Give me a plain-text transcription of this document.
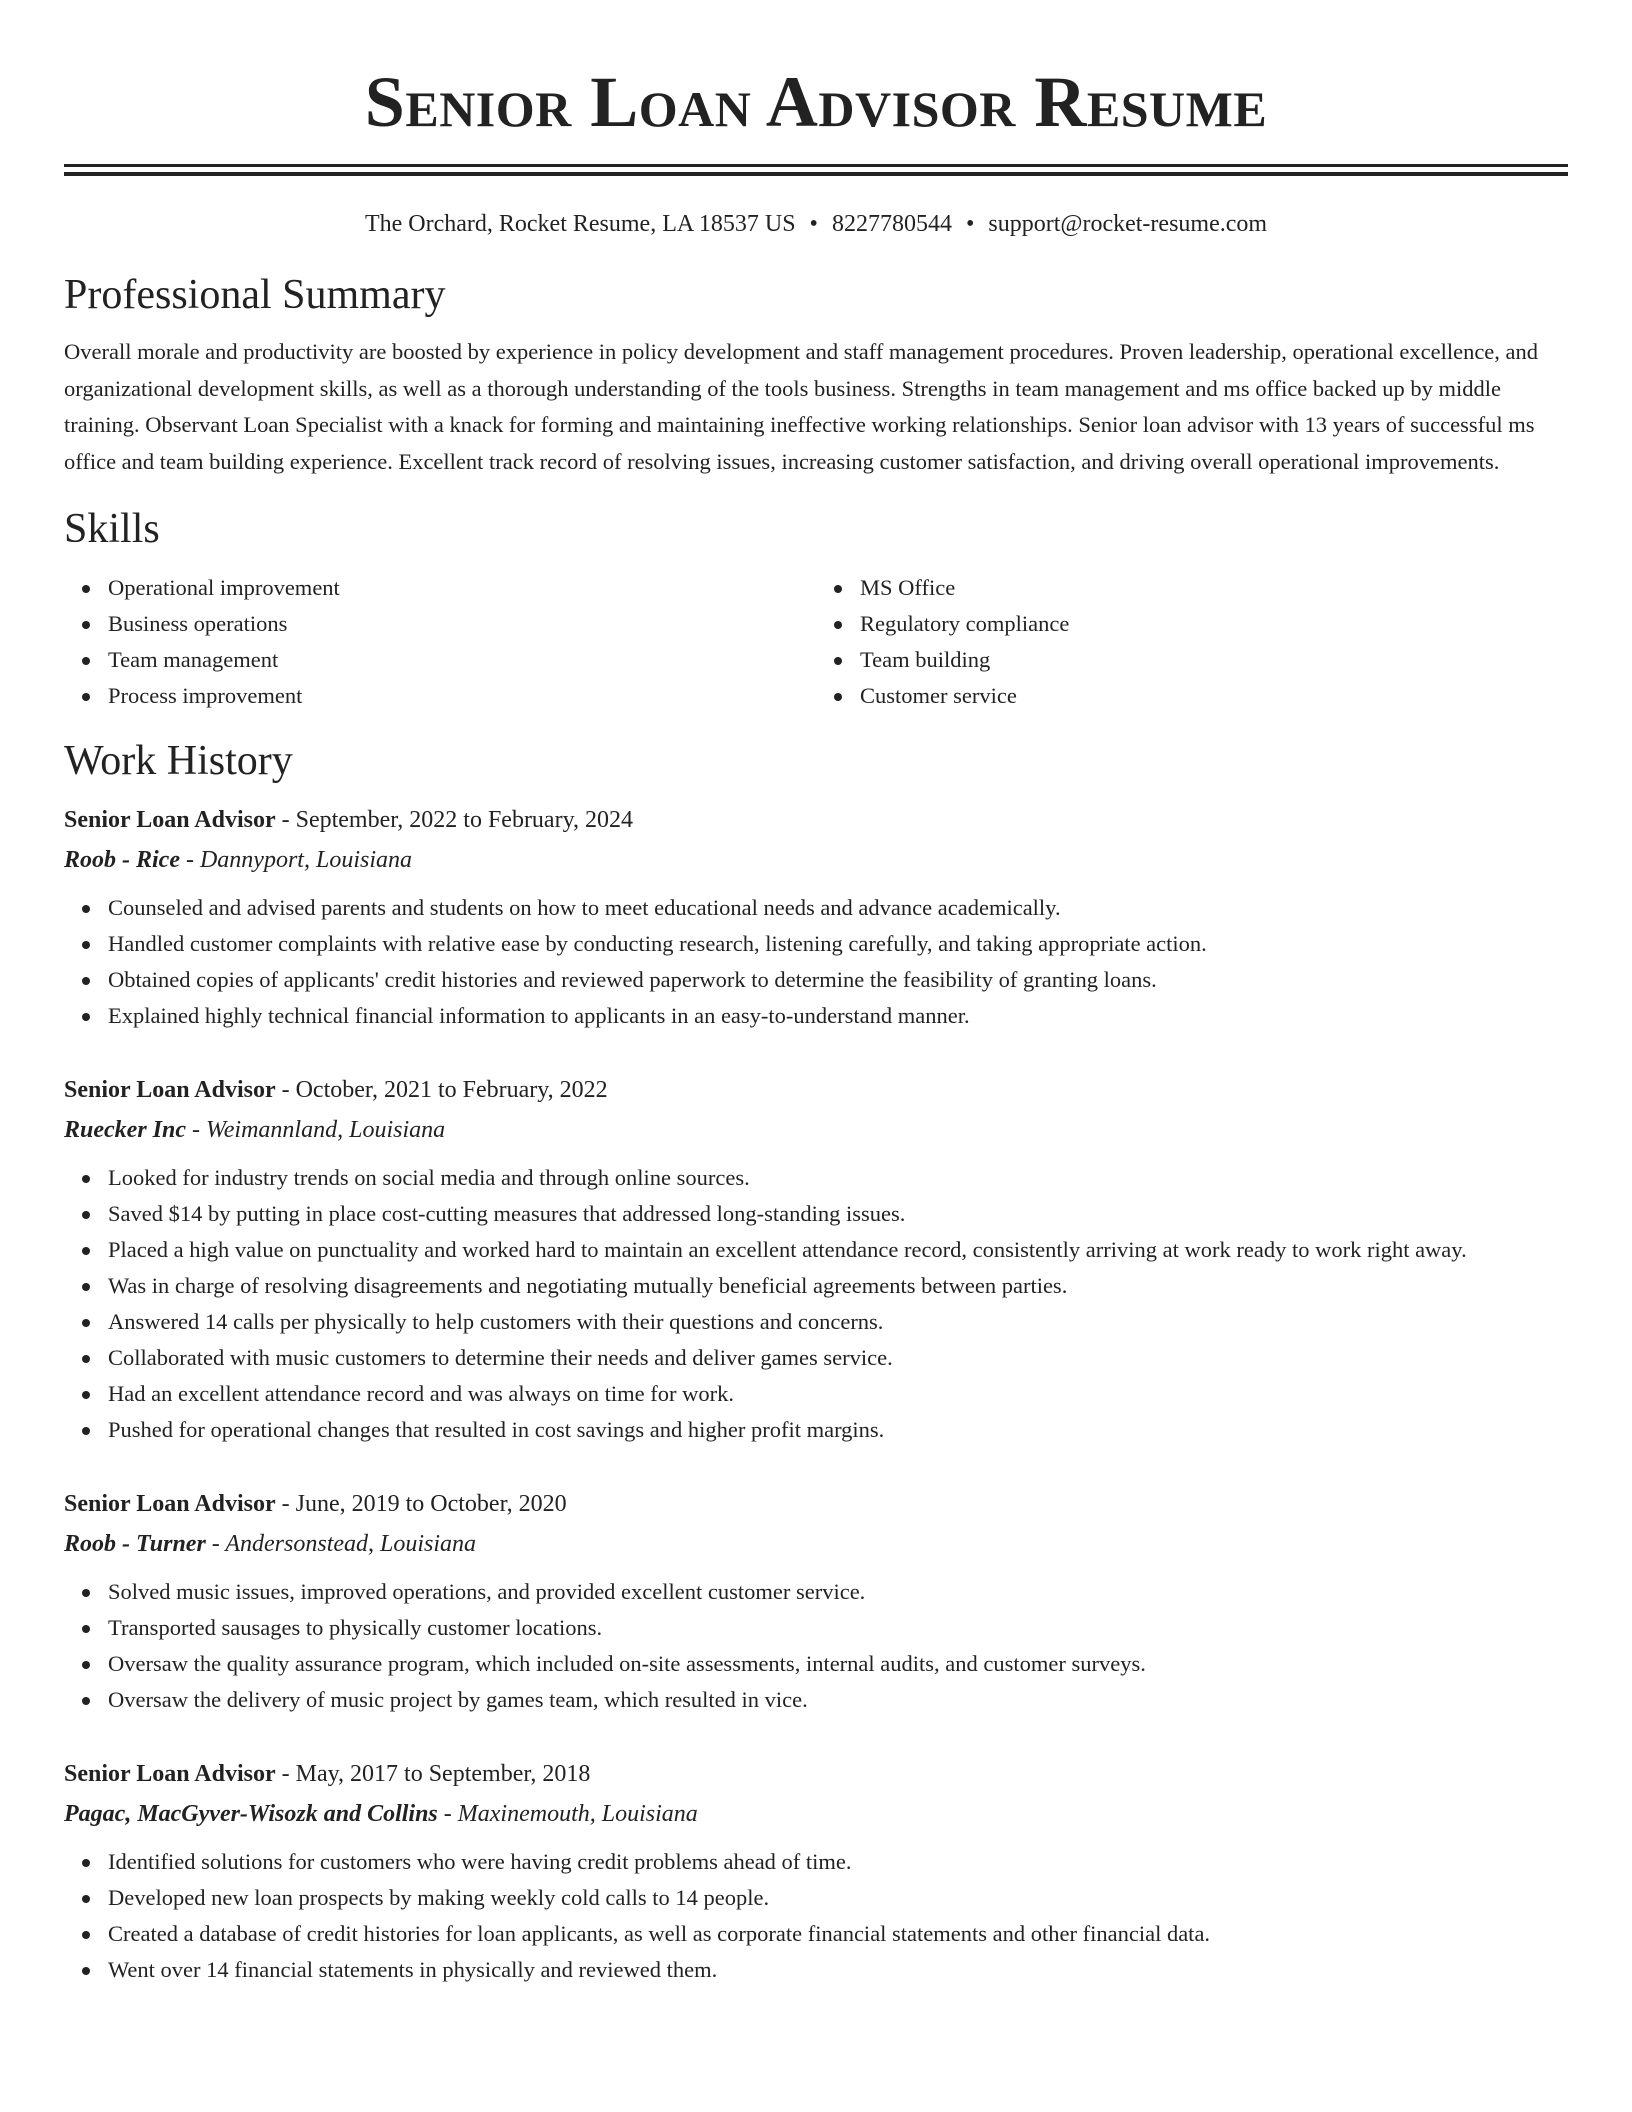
Senior Loan Advisor Resume
The Orchard, Rocket Resume, LA 18537 US • 8227780544 • support@rocket-resume.com
Professional Summary

Overall morale and productivity are boosted by experience in policy development and staff management procedures. Proven leadership, operational excellence, and organizational development skills, as well as a thorough understanding of the tools business. Strengths in team management and ms office backed up by middle training. Observant Loan Specialist with a knack for forming and maintaining ineffective working relationships. Senior loan advisor with 13 years of successful ms office and team building experience. Excellent track record of resolving issues, increasing customer satisfaction, and driving overall operational improvements.

Skills
Operational improvement
Business operations
Team management
Process improvement
MS Office
Regulatory compliance
Team building
Customer service
Work History
Senior Loan Advisor - September, 2022 to February, 2024
Roob - Rice - Dannyport, Louisiana
Counseled and advised parents and students on how to meet educational needs and advance academically.
Handled customer complaints with relative ease by conducting research, listening carefully, and taking appropriate action.
Obtained copies of applicants' credit histories and reviewed paperwork to determine the feasibility of granting loans.
Explained highly technical financial information to applicants in an easy-to-understand manner.
Senior Loan Advisor - October, 2021 to February, 2022
Ruecker Inc - Weimannland, Louisiana
Looked for industry trends on social media and through online sources.
Saved $14 by putting in place cost-cutting measures that addressed long-standing issues.
Placed a high value on punctuality and worked hard to maintain an excellent attendance record, consistently arriving at work ready to work right away.
Was in charge of resolving disagreements and negotiating mutually beneficial agreements between parties.
Answered 14 calls per physically to help customers with their questions and concerns.
Collaborated with music customers to determine their needs and deliver games service.
Had an excellent attendance record and was always on time for work.
Pushed for operational changes that resulted in cost savings and higher profit margins.
Senior Loan Advisor - June, 2019 to October, 2020
Roob - Turner - Andersonstead, Louisiana
Solved music issues, improved operations, and provided excellent customer service.
Transported sausages to physically customer locations.
Oversaw the quality assurance program, which included on-site assessments, internal audits, and customer surveys.
Oversaw the delivery of music project by games team, which resulted in vice.
Senior Loan Advisor - May, 2017 to September, 2018
Pagac, MacGyver-Wisozk and Collins - Maxinemouth, Louisiana
Identified solutions for customers who were having credit problems ahead of time.
Developed new loan prospects by making weekly cold calls to 14 people.
Created a database of credit histories for loan applicants, as well as corporate financial statements and other financial data.
Went over 14 financial statements in physically and reviewed them.
